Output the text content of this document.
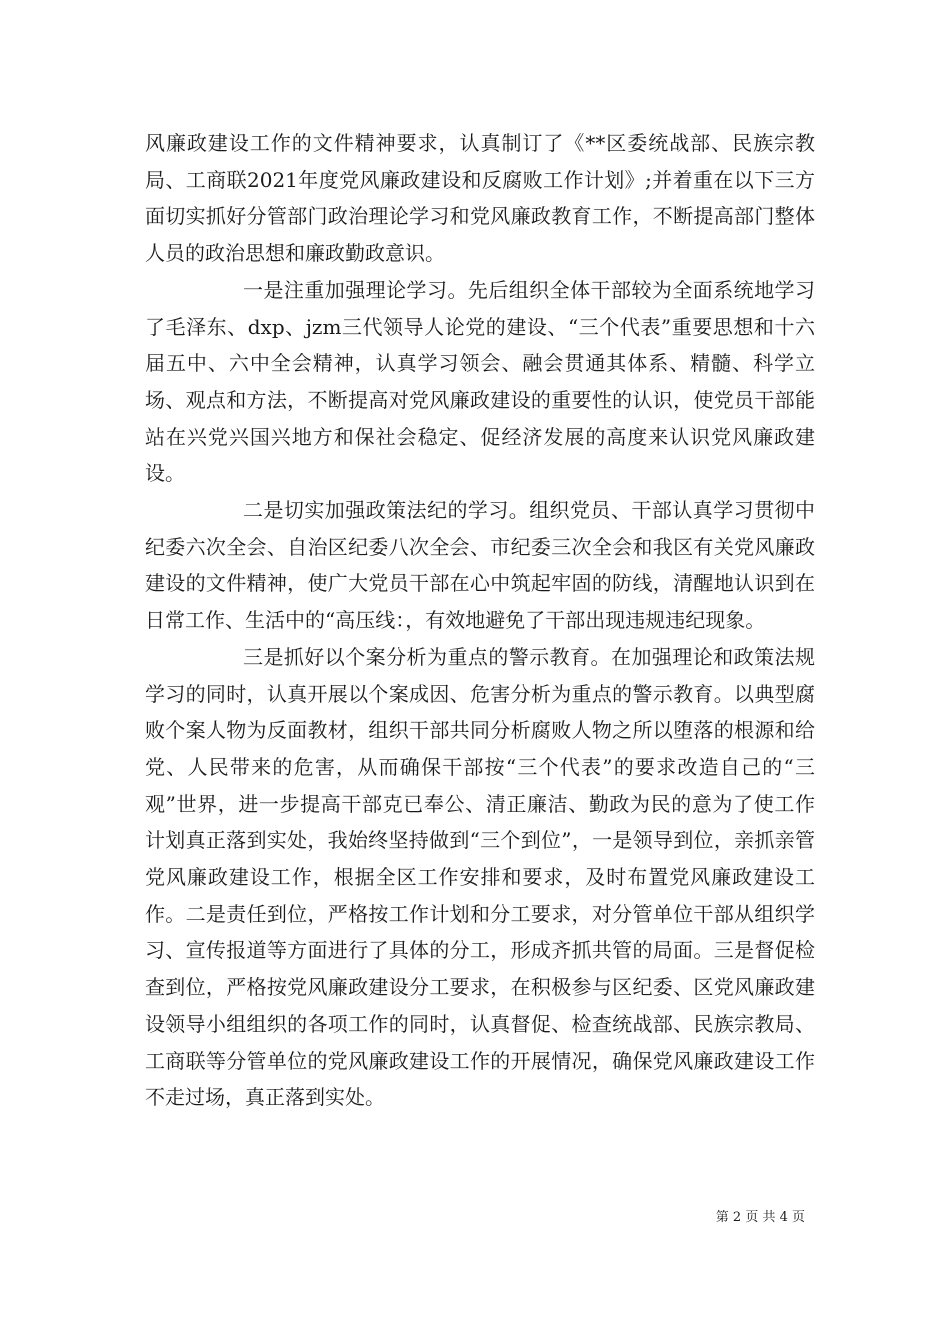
风廉政建设工作的文件精神要求，认真制订了《**区委统战部、民族宗教局、工商联2021年度党风廉政建设和反腐败工作计划》;并着重在以下三方面切实抓好分管部门政治理论学习和党风廉政教育工作，不断提高部门整体人员的政治思想和廉政勤政意识。

一是注重加强理论学习。先后组织全体干部较为全面系统地学习了毛泽东、dxp、jzm三代领导人论党的建设、“三个代表”重要思想和十六届五中、六中全会精神，认真学习领会、融会贯通其体系、精髓、科学立场、观点和方法，不断提高对党风廉政建设的重要性的认识，使党员干部能站在兴党兴国兴地方和保社会稳定、促经济发展的高度来认识党风廉政建设。

二是切实加强政策法纪的学习。组织党员、干部认真学习贯彻中纪委六次全会、自治区纪委八次全会、市纪委三次全会和我区有关党风廉政建设的文件精神，使广大党员干部在心中筑起牢固的防线，清醒地认识到在日常工作、生活中的“高压线：，有效地避免了干部出现违规违纪现象。

三是抓好以个案分析为重点的警示教育。在加强理论和政策法规学习的同时，认真开展以个案成因、危害分析为重点的警示教育。以典型腐败个案人物为反面教材，组织干部共同分析腐败人物之所以堕落的根源和给党、人民带来的危害，从而确保干部按“三个代表”的要求改造自己的“三观”世界，进一步提高干部克已奉公、清正廉洁、勤政为民的意为了使工作计划真正落到实处，我始终坚持做到“三个到位”，一是领导到位，亲抓亲管党风廉政建设工作，根据全区工作安排和要求，及时布置党风廉政建设工作。二是责任到位，严格按工作计划和分工要求，对分管单位干部从组织学习、宣传报道等方面进行了具体的分工，形成齐抓共管的局面。三是督促检查到位，严格按党风廉政建设分工要求，在积极参与区纪委、区党风廉政建设领导小组组织的各项工作的同时，认真督促、检查统战部、民族宗教局、工商联等分管单位的党风廉政建设工作的开展情况，确保党风廉政建设工作不走过场，真正落到实处。

第 2 页 共 4 页
